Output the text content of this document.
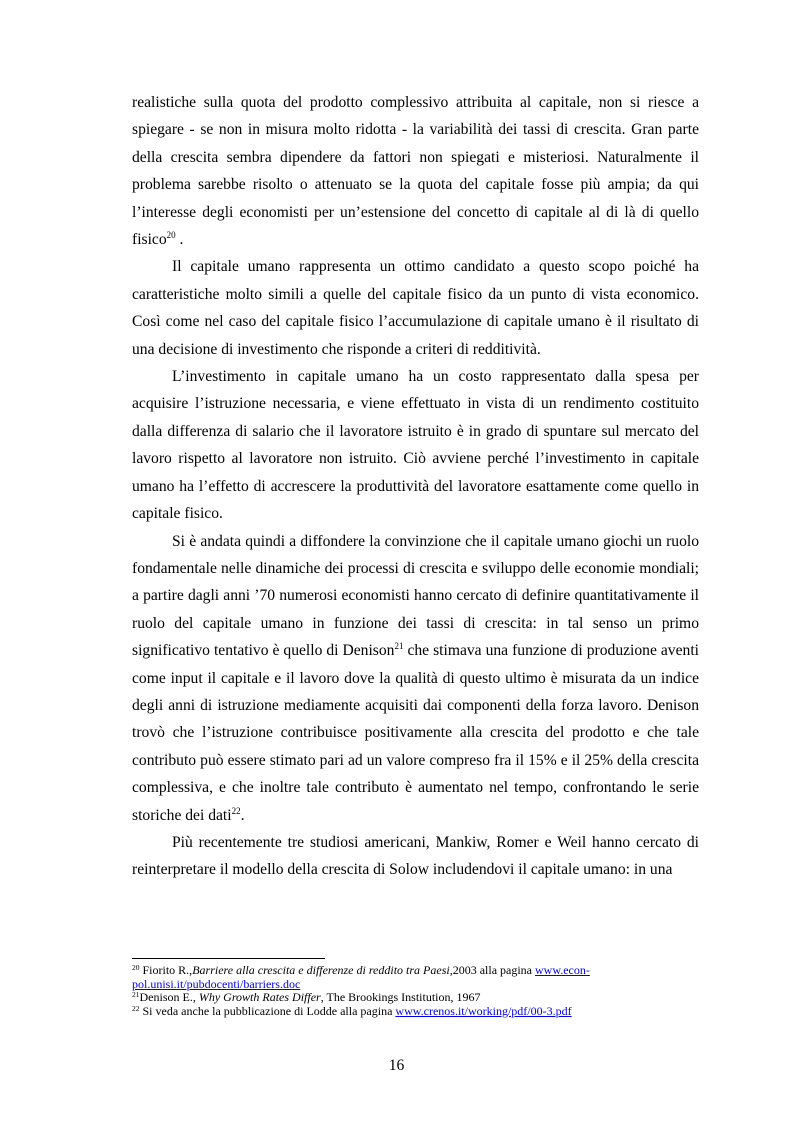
realistiche sulla quota del prodotto complessivo attribuita al capitale, non si riesce a spiegare - se non in misura molto ridotta - la variabilità dei tassi di crescita. Gran parte della crescita sembra dipendere da fattori non spiegati e misteriosi. Naturalmente il problema sarebbe risolto o attenuato se la quota del capitale fosse più ampia; da qui l’interesse degli economisti per un’estensione del concetto di capitale al di là di quello fisico$^{20}$ .

Il capitale umano rappresenta un ottimo candidato a questo scopo poiché ha caratteristiche molto simili a quelle del capitale fisico da un punto di vista economico. Così come nel caso del capitale fisico l’accumulazione di capitale umano è il risultato di una decisione di investimento che risponde a criteri di redditività.

L’investimento in capitale umano ha un costo rappresentato dalla spesa per acquisire l’istruzione necessaria, e viene effettuato in vista di un rendimento costituito dalla differenza di salario che il lavoratore istruito è in grado di spuntare sul mercato del lavoro rispetto al lavoratore non istruito. Ciò avviene perché l’investimento in capitale umano ha l’effetto di accrescere la produttività del lavoratore esattamente come quello in capitale fisico.

Si è andata quindi a diffondere la convinzione che il capitale umano giochi un ruolo fondamentale nelle dinamiche dei processi di crescita e sviluppo delle economie mondiali; a partire dagli anni ’70 numerosi economisti hanno cercato di definire quantitativamente il ruolo del capitale umano in funzione dei tassi di crescita: in tal senso un primo significativo tentativo è quello di Denison$^{21}$ che stimava una funzione di produzione aventi come input il capitale e il lavoro dove la qualità di questo ultimo è misurata da un indice degli anni di istruzione mediamente acquisiti dai componenti della forza lavoro. Denison trovò che l’istruzione contribuisce positivamente alla crescita del prodotto e che tale contributo può essere stimato pari ad un valore compreso fra il 15% e il 25% della crescita complessiva, e che inoltre tale contributo è aumentato nel tempo, confrontando le serie storiche dei dati$^{22}$.

Più recentemente tre studiosi americani, Mankiw, Romer e Weil hanno cercato di reinterpretare il modello della crescita di Solow includendovi il capitale umano: in una

$^{20}$ Fiorito R.,Barriere alla crescita e differenze di reddito tra Paesi,2003 alla pagina www.econ-pol.unisi.it/pubdocenti/barriers.doc

$^{21}$Denison E., Why Growth Rates Differ, The Brookings Institution, 1967

$^{22}$ Si veda anche la pubblicazione di Lodde alla pagina www.crenos.it/working/pdf/00-3.pdf

16
